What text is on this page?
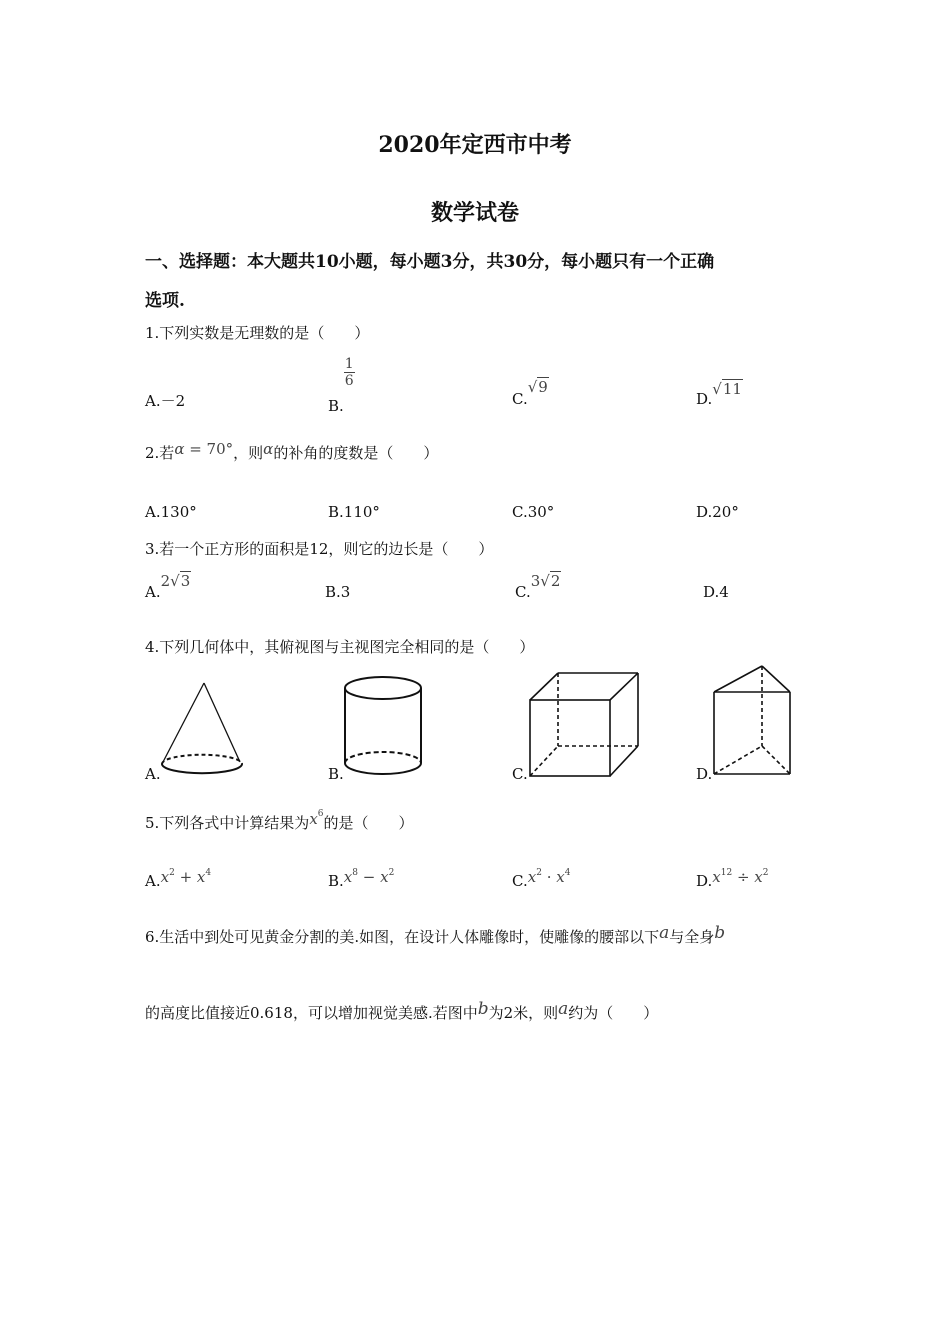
2020年定西市中考
数学试卷
一、选择题：本大题共10小题，每小题3分，共30分，每小题只有一个正确
选项.
1.下列实数是无理数的是（　　）
A.－2	B.
$\frac{1}{6}$
C.√9
D.√11
2.若α = 70°，则α的补角的度数是（　　）
A.130°	B.110°	C.30°	D.20°
3.若一个正方形的面积是12，则它的边长是（　　）
A.2√3
B.3	C.3√2
D.4
4.下列几何体中，其俯视图与主视图完全相同的是（　　）
A.	B.	C.	D.
5.下列各式中计算结果为$x^6$的是（　　）
$A.x^2 + x^4$	$B.x^8 - x^2$	$C.x^2 \cdot x^4$	$D.x^{12} \div x^2$
6.生活中到处可见黄金分割的美.如图，在设计人体雕像时，使雕像的腰部以下a与全身b
的高度比值接近0.618，可以增加视觉美感.若图中b为2米，则a约为（　　）
